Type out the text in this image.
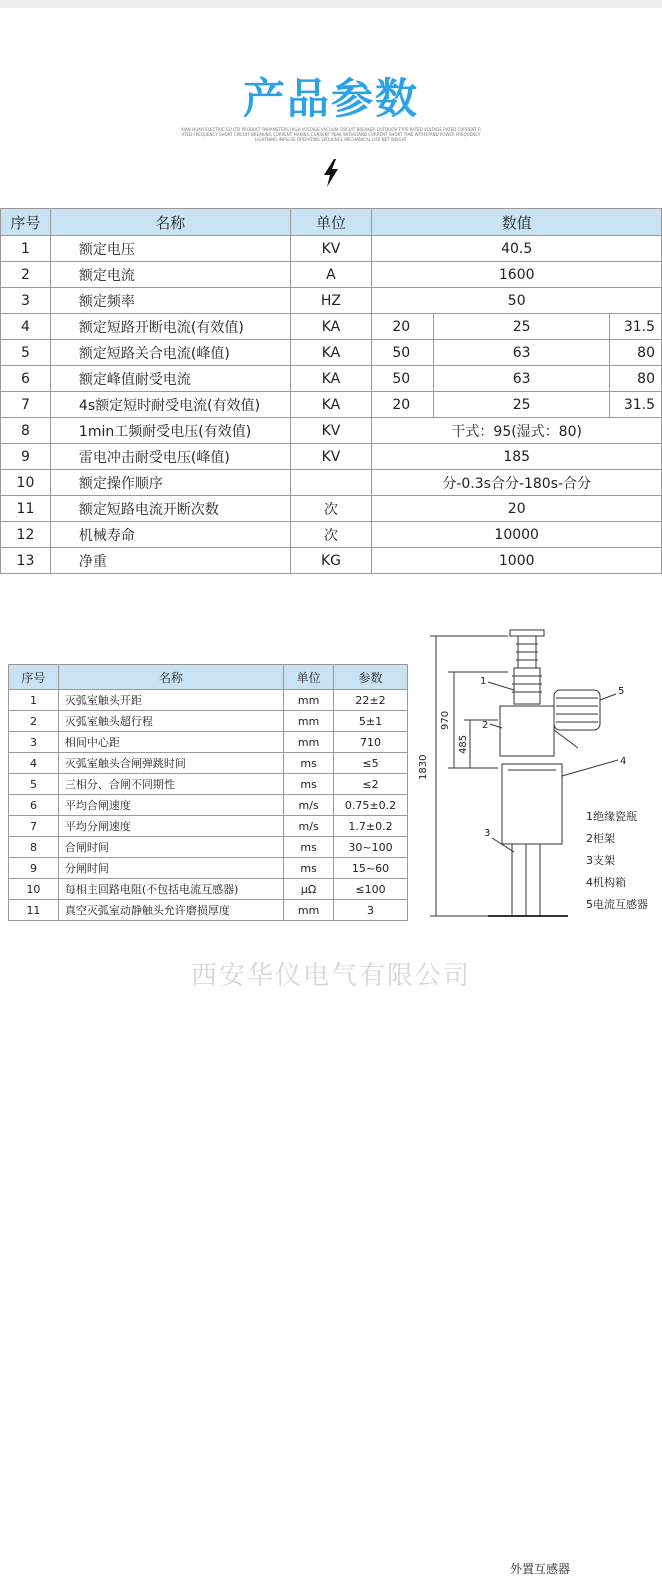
产品参数
XIAN HUAYI ELECTRIC CO LTD PRODUCT PARAMETERS HIGH VOLTAGE VACUUM CIRCUIT BREAKER OUTDOOR TYPE RATED VOLTAGE RATED CURRENT RATED FREQUENCY SHORT CIRCUIT BREAKING CURRENT MAKING CURRENT PEAK WITHSTAND CURRENT SHORT TIME WITHSTAND POWER FREQUENCY LIGHTNING IMPULSE OPERATING SEQUENCE MECHANICAL LIFE NET WEIGHT
序号	名称	单位	数值		
1	额定电压	KV	40.5		
2	额定电流	A	1600		
3	额定频率	HZ	50		
4	额定短路开断电流(有效值)	KA	20	25	31.5
5	额定短路关合电流(峰值)	KA	50	63	80
6	额定峰值耐受电流	KA	50	63	80
7	4s额定短时耐受电流(有效值)	KA	20	25	31.5
8	1min工频耐受电压(有效值)	KV	干式：95(湿式：80)		
9	雷电冲击耐受电压(峰值)	KV	185		
10	额定操作顺序		分-0.3s合分-180s-合分		
11	额定短路电流开断次数	次	20		
12	机械寿命	次	10000		
13	净重	KG	1000		
序号	名称	单位	参数
1	灭弧室触头开距	mm	22±2
2	灭弧室触头超行程	mm	5±1
3	相间中心距	mm	710
4	灭弧室触头合闸弹跳时间	ms	≤5
5	三相分、合闸不同期性	ms	≤2
6	平均合闸速度	m/s	0.75±0.2
7	平均分闸速度	m/s	1.7±0.2
8	合闸时间	ms	30~100
9	分闸时间	ms	15~60
10	每相主回路电阻(不包括电流互感器)	μΩ	≤100
11	真空灭弧室动静触头允许磨损厚度	mm	3
1830
970
485
1
2
3
4
5
外置互感器
1绝缘瓷瓶
2柜架
3支架
4机构箱
5电流互感器
西安华仪电气有限公司
